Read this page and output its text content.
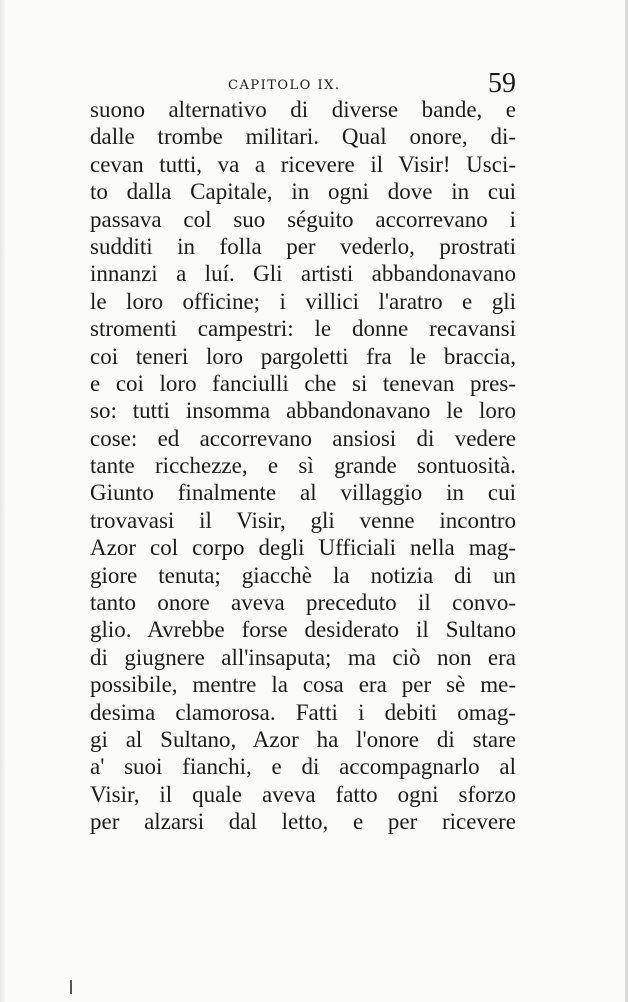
CAPITOLO IX.	59
suono alternativo di diverse bande, e
dalle trombe militari. Qual onore, di-
cevan tutti, va a ricevere il Visir! Usci-
to dalla Capitale, in ogni dove in cui
passava col suo séguito accorrevano i
sudditi in folla per vederlo, prostrati
innanzi a luí. Gli artisti abbandonavano
le loro officine; i villici l'aratro e gli
stromenti campestri: le donne recavansi
coi teneri loro pargoletti fra le braccia,
e coi loro fanciulli che si tenevan pres-
so: tutti insomma abbandonavano le loro
cose: ed accorrevano ansiosi di vedere
tante ricchezze, e sì grande sontuosità.
Giunto finalmente al villaggio in cui
trovavasi il Visir, gli venne incontro
Azor col corpo degli Ufficiali nella mag-
giore tenuta; giacchè la notizia di un
tanto onore aveva preceduto il convo-
glio. Avrebbe forse desiderato il Sultano
di giugnere all'insaputa; ma ciò non era
possibile, mentre la cosa era per sè me-
desima clamorosa. Fatti i debiti omag-
gi al Sultano, Azor ha l'onore di stare
a' suoi fianchi, e di accompagnarlo al
Visir, il quale aveva fatto ogni sforzo
per alzarsi dal letto, e per ricevere
